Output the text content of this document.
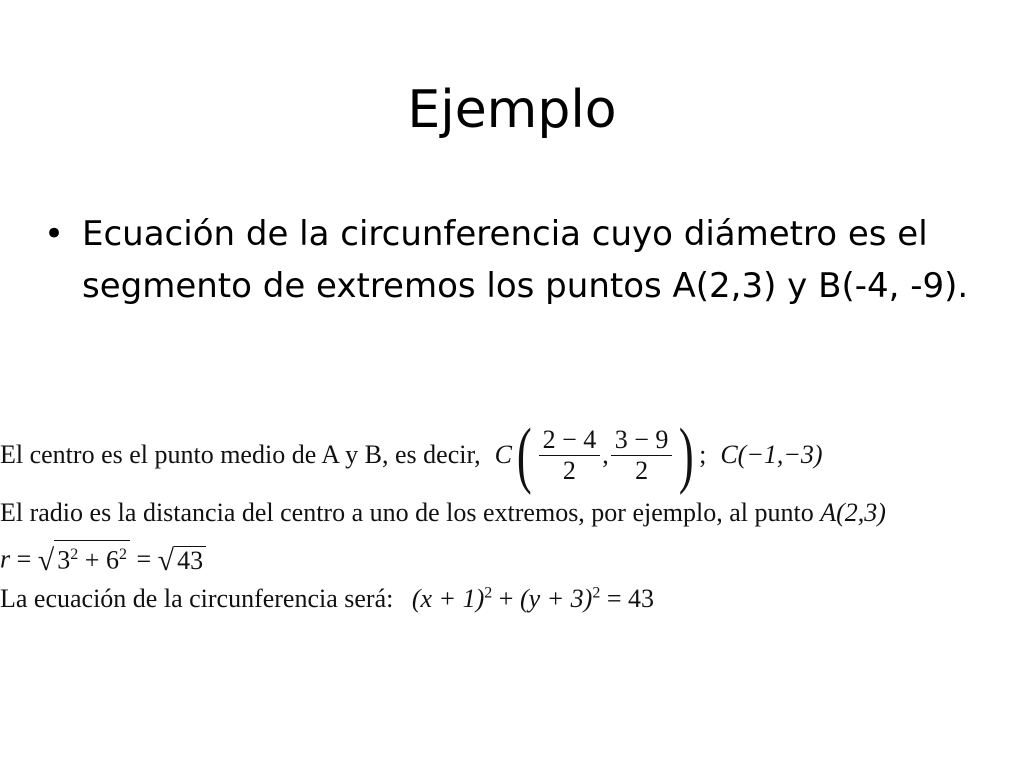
Ejemplo
• Ecuación de la circunferencia cuyo diámetro es el segmento de extremos los puntos A(2,3) y B(-4, -9).
El centro es el punto medio de A y B, es decir, C ( $\frac{2 - 4}{2}$ , $\frac{3 - 9}{2}$ ) ; C(−1,−3)
El radio es la distancia del centro a uno de los extremos, por ejemplo, al punto A(2,3)
r = √ $3^2 + 6^2$ = √ 43
La ecuación de la circunferencia será: $(x + 1)^2 + (y + 3)^2 = 43$
